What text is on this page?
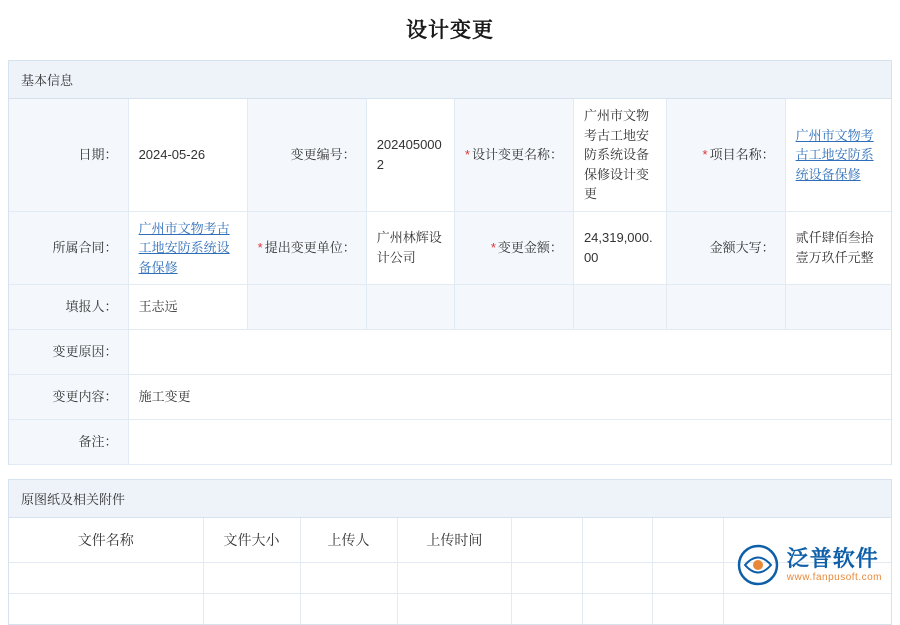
设计变更
基本信息
日期：	2024-05-26	变更编号：	2024050002	* 设计变更名称：	广州市文物考古工地安防系统设备保修设计变更	* 项目名称：	广州市文物考古工地安防系统设备保修
所属合同：	广州市文物考古工地安防系统设备保修	* 提出变更单位：	广州林辉设计公司	* 变更金额：	24,319,000.00	金额大写：	贰仟肆佰叁拾壹万玖仟元整
填报人：	王志远						
变更原因：							
变更内容：	施工变更						
备注：							
原图纸及相关附件
文件名称	文件大小	上传人	上传时间				

泛普软件
www.fanpusoft.com
